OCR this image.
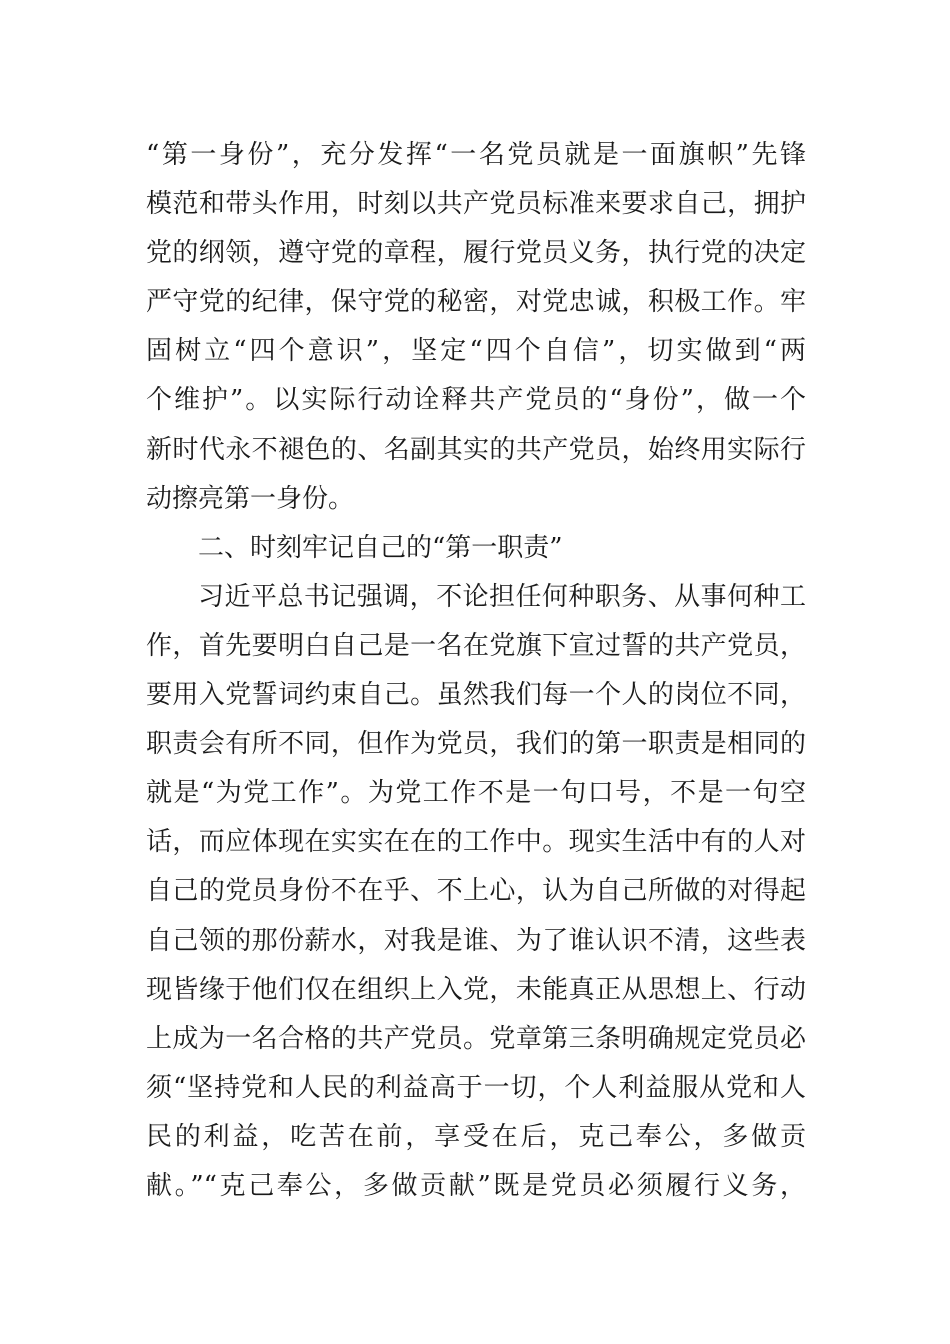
“第一身份”，充分发挥“一名党员就是一面旗帜”先锋
模范和带头作用，时刻以共产党员标准来要求自己，拥护
党的纲领，遵守党的章程，履行党员义务，执行党的决定
严守党的纪律，保守党的秘密，对党忠诚，积极工作。牢
固树立“四个意识”，坚定“四个自信”，切实做到“两
个维护”。以实际行动诠释共产党员的“身份”，做一个
新时代永不褪色的、名副其实的共产党员，始终用实际行
动擦亮第一身份。
二、时刻牢记自己的“第一职责”
习近平总书记强调，不论担任何种职务、从事何种工
作，首先要明白自己是一名在党旗下宣过誓的共产党员，
要用入党誓词约束自己。虽然我们每一个人的岗位不同，
职责会有所不同，但作为党员，我们的第一职责是相同的
就是“为党工作”。为党工作不是一句口号，不是一句空
话，而应体现在实实在在的工作中。现实生活中有的人对
自己的党员身份不在乎、不上心，认为自己所做的对得起
自己领的那份薪水，对我是谁、为了谁认识不清，这些表
现皆缘于他们仅在组织上入党，未能真正从思想上、行动
上成为一名合格的共产党员。党章第三条明确规定党员必
须“坚持党和人民的利益高于一切，个人利益服从党和人
民的利益，吃苦在前，享受在后，克己奉公，多做贡
献。”“克己奉公，多做贡献”既是党员必须履行义务，
